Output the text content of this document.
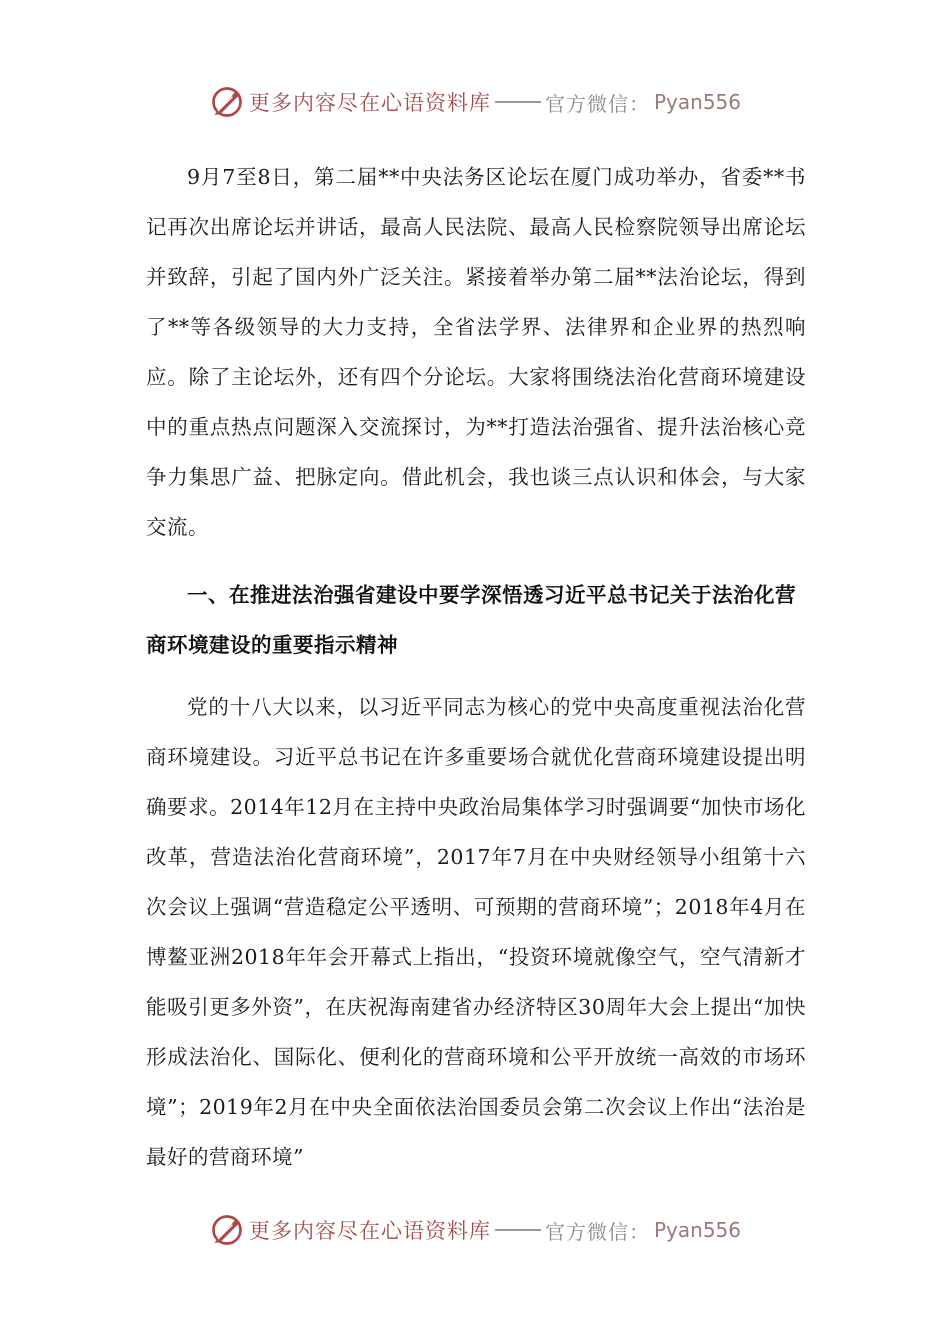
更多内容尽在心语资料库	官方微信： Pyan556

9月7至8日，第二届**中央法务区论坛在厦门成功举办，省委**书记再次出席论坛并讲话，最高人民法院、最高人民检察院领导出席论坛并致辞，引起了国内外广泛关注。紧接着举办第二届**法治论坛，得到了**等各级领导的大力支持，全省法学界、法律界和企业界的热烈响应。除了主论坛外，还有四个分论坛。大家将围绕法治化营商环境建设中的重点热点问题深入交流探讨，为**打造法治强省、提升法治核心竞争力集思广益、把脉定向。借此机会，我也谈三点认识和体会，与大家交流。

一、在推进法治强省建设中要学深悟透习近平总书记关于法治化营商环境建设的重要指示精神

党的十八大以来，以习近平同志为核心的党中央高度重视法治化营商环境建设。习近平总书记在许多重要场合就优化营商环境建设提出明确要求。2014年12月在主持中央政治局集体学习时强调要“加快市场化改革，营造法治化营商环境”，2017年7月在中央财经领导小组第十六次会议上强调“营造稳定公平透明、可预期的营商环境”；2018年4月在博鳌亚洲2018年年会开幕式上指出，“投资环境就像空气，空气清新才能吸引更多外资”，在庆祝海南建省办经济特区30周年大会上提出“加快形成法治化、国际化、便利化的营商环境和公平开放统一高效的市场环境”；2019年2月在中央全面依法治国委员会第二次会议上作出“法治是最好的营商环境”

更多内容尽在心语资料库	官方微信： Pyan556
